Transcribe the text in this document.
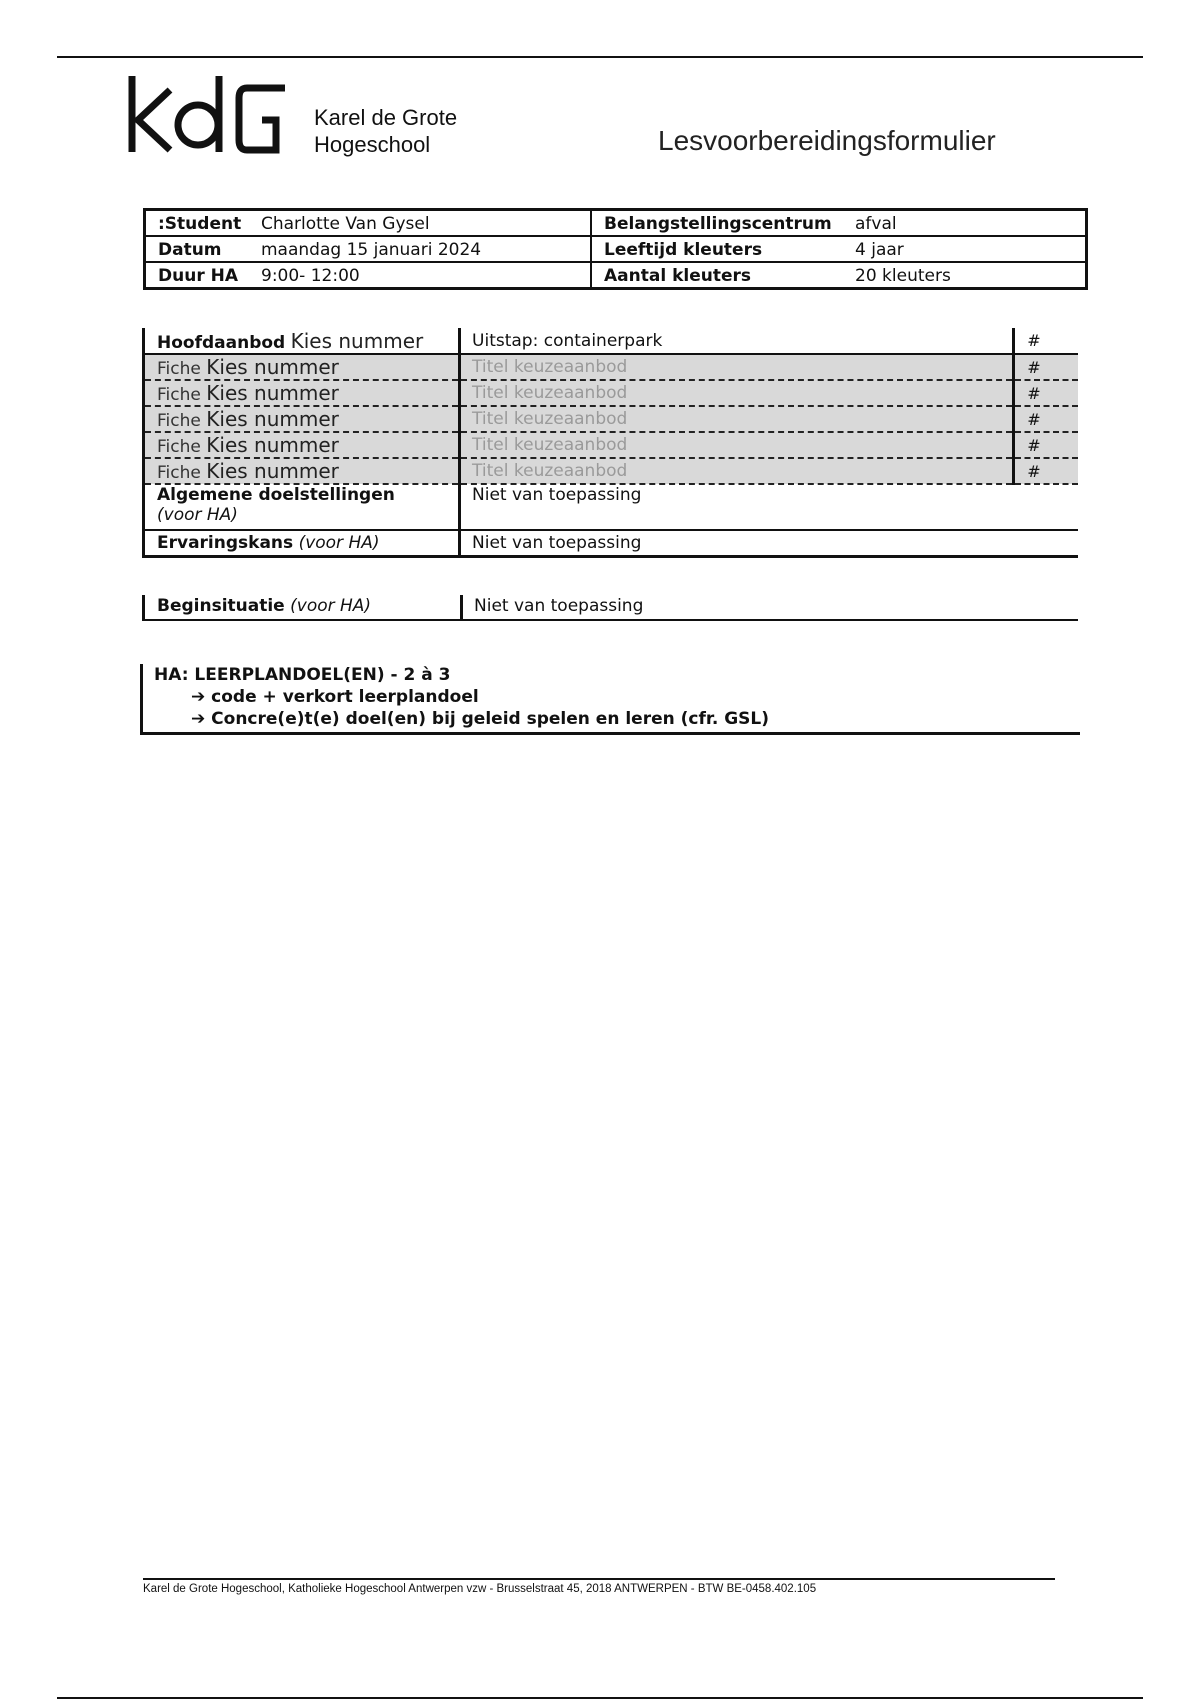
Karel de Grote
Hogeschool	Lesvoorbereidingsformulier
:Student	Charlotte Van Gysel	Belangstellingscentrum	afval
Datum	maandag 15 januari 2024	Leeftijd kleuters	4 jaar
Duur HA	9:00- 12:00	Aantal kleuters	20 kleuters
Hoofdaanbod Kies nummer	Uitstap: containerpark	#
Fiche Kies nummer	Titel keuzeaanbod	#
Fiche Kies nummer	Titel keuzeaanbod	#
Fiche Kies nummer	Titel keuzeaanbod	#
Fiche Kies nummer	Titel keuzeaanbod	#
Fiche Kies nummer	Titel keuzeaanbod	#
Algemene doelstellingen
(voor HA)	Niet van toepassing	
Ervaringskans (voor HA)	Niet van toepassing	
Beginsituatie (voor HA)	Niet van toepassing
HA: LEERPLANDOEL(EN) - 2 à 3
➔ code + verkort leerplandoel
➔ Concre(e)t(e) doel(en) bij geleid spelen en leren (cfr. GSL)
Karel de Grote Hogeschool, Katholieke Hogeschool Antwerpen vzw - Brusselstraat 45, 2018 ANTWERPEN - BTW BE-0458.402.105
